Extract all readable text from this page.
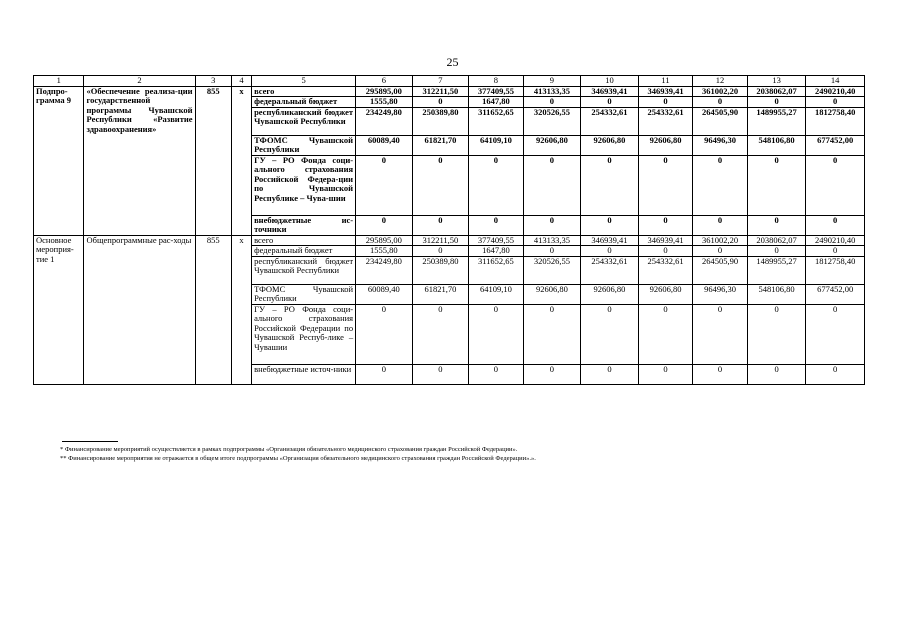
25
1	2	3	4	5	6	7	8	9	10	11	12	13	14
Подпро-грамма 9	«Обеспечение реализа-ции государственной программы Чувашской Республики «Развитие здравоохранения»	855	x	всего	295895,00	312211,50	377409,55	413133,35	346939,41	346939,41	361002,20	2038062,07	2490210,40
				федеральный бюджет	1555,80	0	1647,80	0	0	0	0	0	0
				республиканский бюджет Чувашской Республики	234249,80	250389,80	311652,65	320526,55	254332,61	254332,61	264505,90	1489955,27	1812758,40
				ТФОМС Чувашской Республики	60089,40	61821,70	64109,10	92606,80	92606,80	92606,80	96496,30	548106,80	677452,00
				ГУ – РО Фонда соци-ального страхования Российской Федера-ции по Чувашской Республике – Чува-шии	0	0	0	0	0	0	0	0	0
				внебюджетные ис-точники	0	0	0	0	0	0	0	0	0
Основное мероприя-тие 1	Общепрограммные рас-ходы	855	x	всего	295895,00	312211,50	377409,55	413133,35	346939,41	346939,41	361002,20	2038062,07	2490210,40
				федеральный бюджет	1555,80	0	1647,80	0	0	0	0	0	0
				республиканский бюджет Чувашской Республики	234249,80	250389,80	311652,65	320526,55	254332,61	254332,61	264505,90	1489955,27	1812758,40
				ТФОМС Чувашской Республики	60089,40	61821,70	64109,10	92606,80	92606,80	92606,80	96496,30	548106,80	677452,00
				ГУ – РО Фонда соци-ального страхования Российской Федерации по Чувашской Респуб-лике – Чувашии	0	0	0	0	0	0	0	0	0
				внебюджетные источ-ники	0	0	0	0	0	0	0	0	0

* Финансирование мероприятий осуществляется в рамках подпрограммы «Организация обязательного медицинского страхования граждан Российской Федерации».

** Финансирование мероприятия не отражается в общем итоге подпрограммы «Организация обязательного медицинского страхования граждан Российской Федерации».».
